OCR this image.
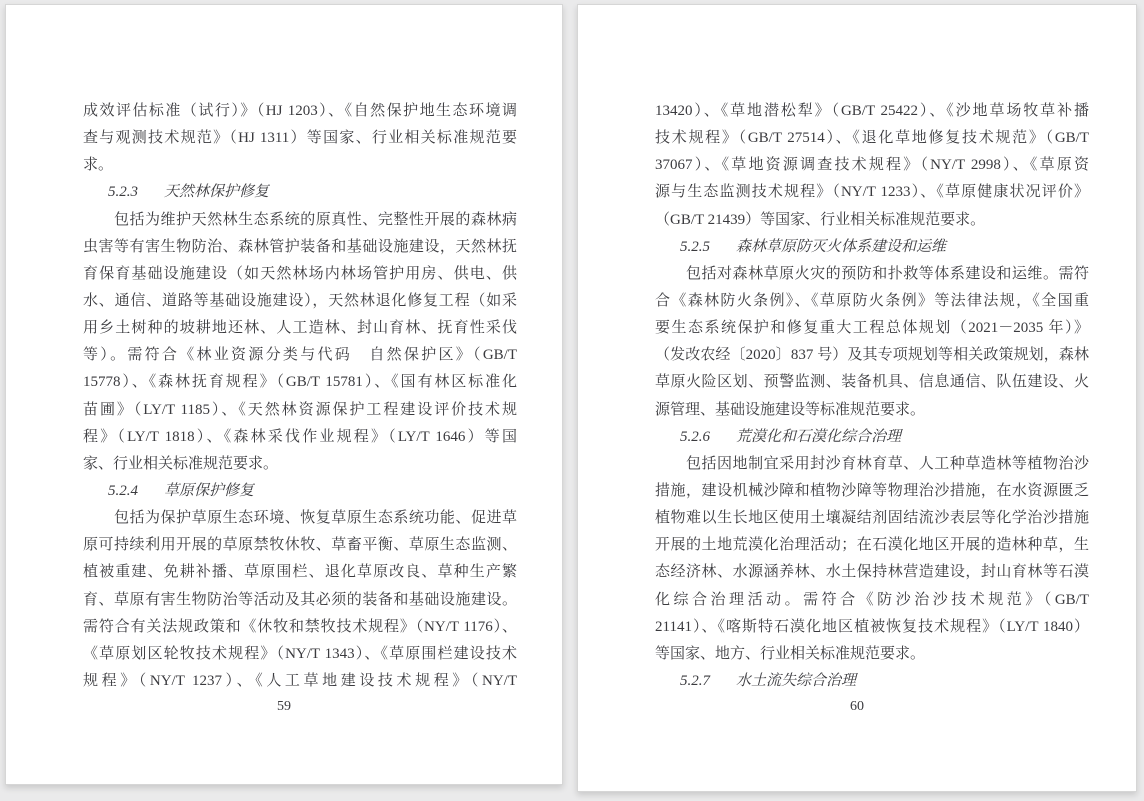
成效评估标准（试行）》（HJ 1203）、《自然保护地生态环境调
查与观测技术规范》（HJ 1311）等国家、行业相关标准规范要
求。
5.2.3 天然林保护修复
包括为维护天然林生态系统的原真性、完整性开展的森林病
虫害等有害生物防治、森林管护装备和基础设施建设，天然林抚
育保育基础设施建设（如天然林场内林场管护用房、供电、供
水、通信、道路等基础设施建设），天然林退化修复工程（如采
用乡土树种的坡耕地还林、人工造林、封山育林、抚育性采伐
等）。需符合《林业资源分类与代码　自然保护区》（GB/T
15778）、《森林抚育规程》（GB/T 15781）、《国有林区标准化
苗圃》（LY/T 1185）、《天然林资源保护工程建设评价技术规
程》（LY/T 1818）、《森林采伐作业规程》（LY/T 1646）等国
家、行业相关标准规范要求。
5.2.4 草原保护修复
包括为保护草原生态环境、恢复草原生态系统功能、促进草
原可持续利用开展的草原禁牧休牧、草畜平衡、草原生态监测、
植被重建、免耕补播、草原围栏、退化草原改良、草种生产繁
育、草原有害生物防治等活动及其必须的装备和基础设施建设。
需符合有关法规政策和《休牧和禁牧技术规程》（NY/T 1176）、
《草原划区轮牧技术规程》（NY/T 1343）、《草原围栏建设技术
规程》（NY/T 1237）、《人工草地建设技术规程》（NY/T
59
13420）、《草地潜松犁》（GB/T 25422）、《沙地草场牧草补播
技术规程》（GB/T 27514）、《退化草地修复技术规范》（GB/T
37067）、《草地资源调查技术规程》（NY/T 2998）、《草原资
源与生态监测技术规程》（NY/T 1233）、《草原健康状况评价》
（GB/T 21439）等国家、行业相关标准规范要求。
5.2.5 森林草原防灭火体系建设和运维
包括对森林草原火灾的预防和扑救等体系建设和运维。需符
合《森林防火条例》、《草原防火条例》等法律法规，《全国重
要生态系统保护和修复重大工程总体规划（2021－2035 年）》
（发改农经〔2020〕837 号）及其专项规划等相关政策规划，森林
草原火险区划、预警监测、装备机具、信息通信、队伍建设、火
源管理、基础设施建设等标准规范要求。
5.2.6 荒漠化和石漠化综合治理
包括因地制宜采用封沙育林育草、人工种草造林等植物治沙
措施，建设机械沙障和植物沙障等物理治沙措施，在水资源匮乏
植物难以生长地区使用土壤凝结剂固结流沙表层等化学治沙措施
开展的土地荒漠化治理活动；在石漠化地区开展的造林种草，生
态经济林、水源涵养林、水土保持林营造建设，封山育林等石漠
化综合治理活动。需符合《防沙治沙技术规范》（GB/T
21141）、《喀斯特石漠化地区植被恢复技术规程》（LY/T 1840）
等国家、地方、行业相关标准规范要求。
5.2.7 水土流失综合治理
60
